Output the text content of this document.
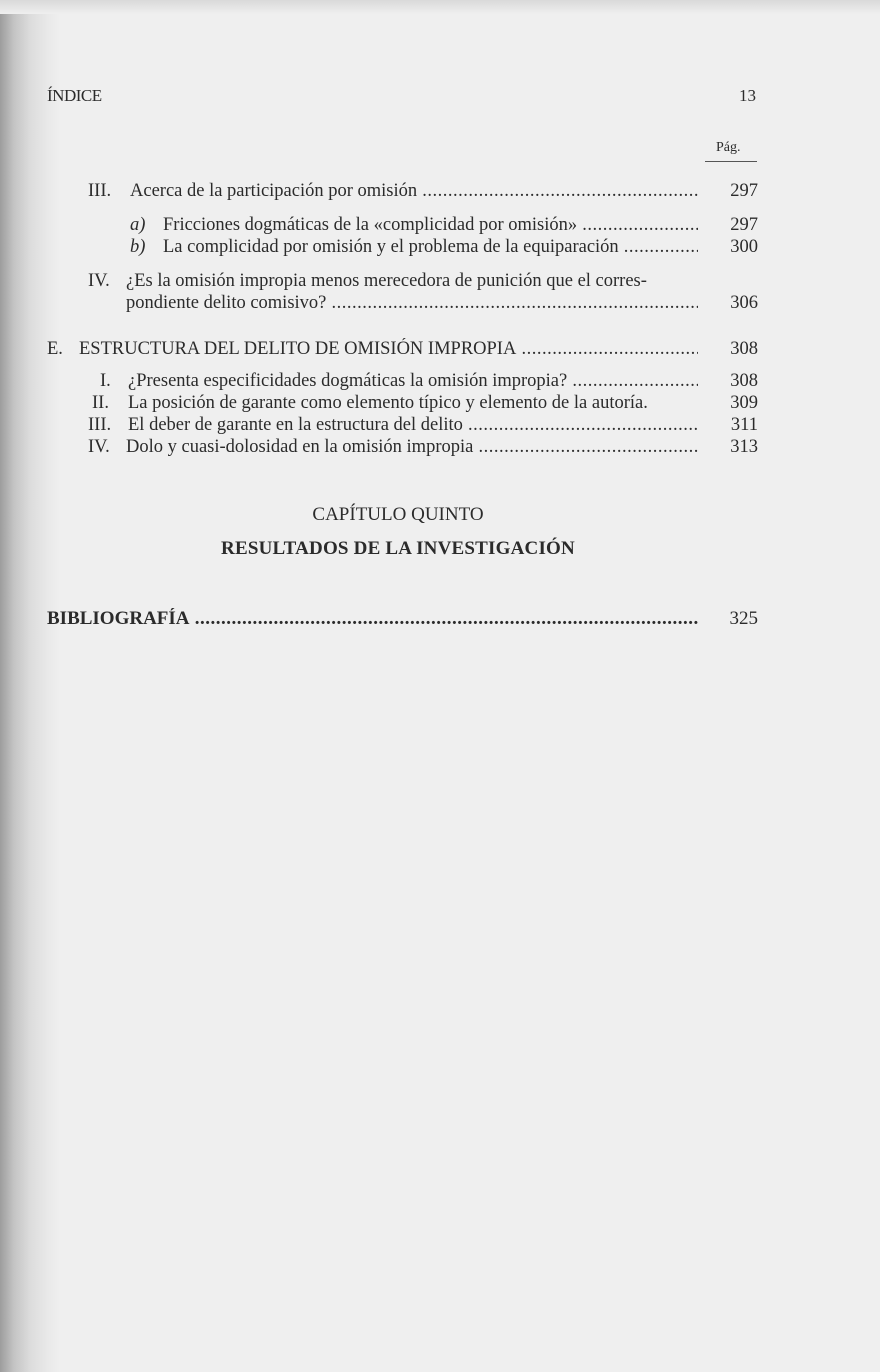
ÍNDICE	13
Pág.
III. Acerca de la participación por omisión .....	297
a) Fricciones dogmáticas de la «complicidad por omisión» .....	297
b) La complicidad por omisión y el problema de la equiparación .....	300
IV. ¿Es la omisión impropia menos merecedora de punición que el corres-
pondiente delito comisivo? .....	306
E. ESTRUCTURA DEL DELITO DE OMISIÓN IMPROPIA .....	308
I. ¿Presenta especificidades dogmáticas la omisión impropia? .....	308
II. La posición de garante como elemento típico y elemento de la autoría.	309
III. El deber de garante en la estructura del delito .....	311
IV. Dolo y cuasi-dolosidad en la omisión impropia .....	313
CAPÍTULO QUINTO
RESULTADOS DE LA INVESTIGACIÓN
BIBLIOGRAFÍA .....	325
